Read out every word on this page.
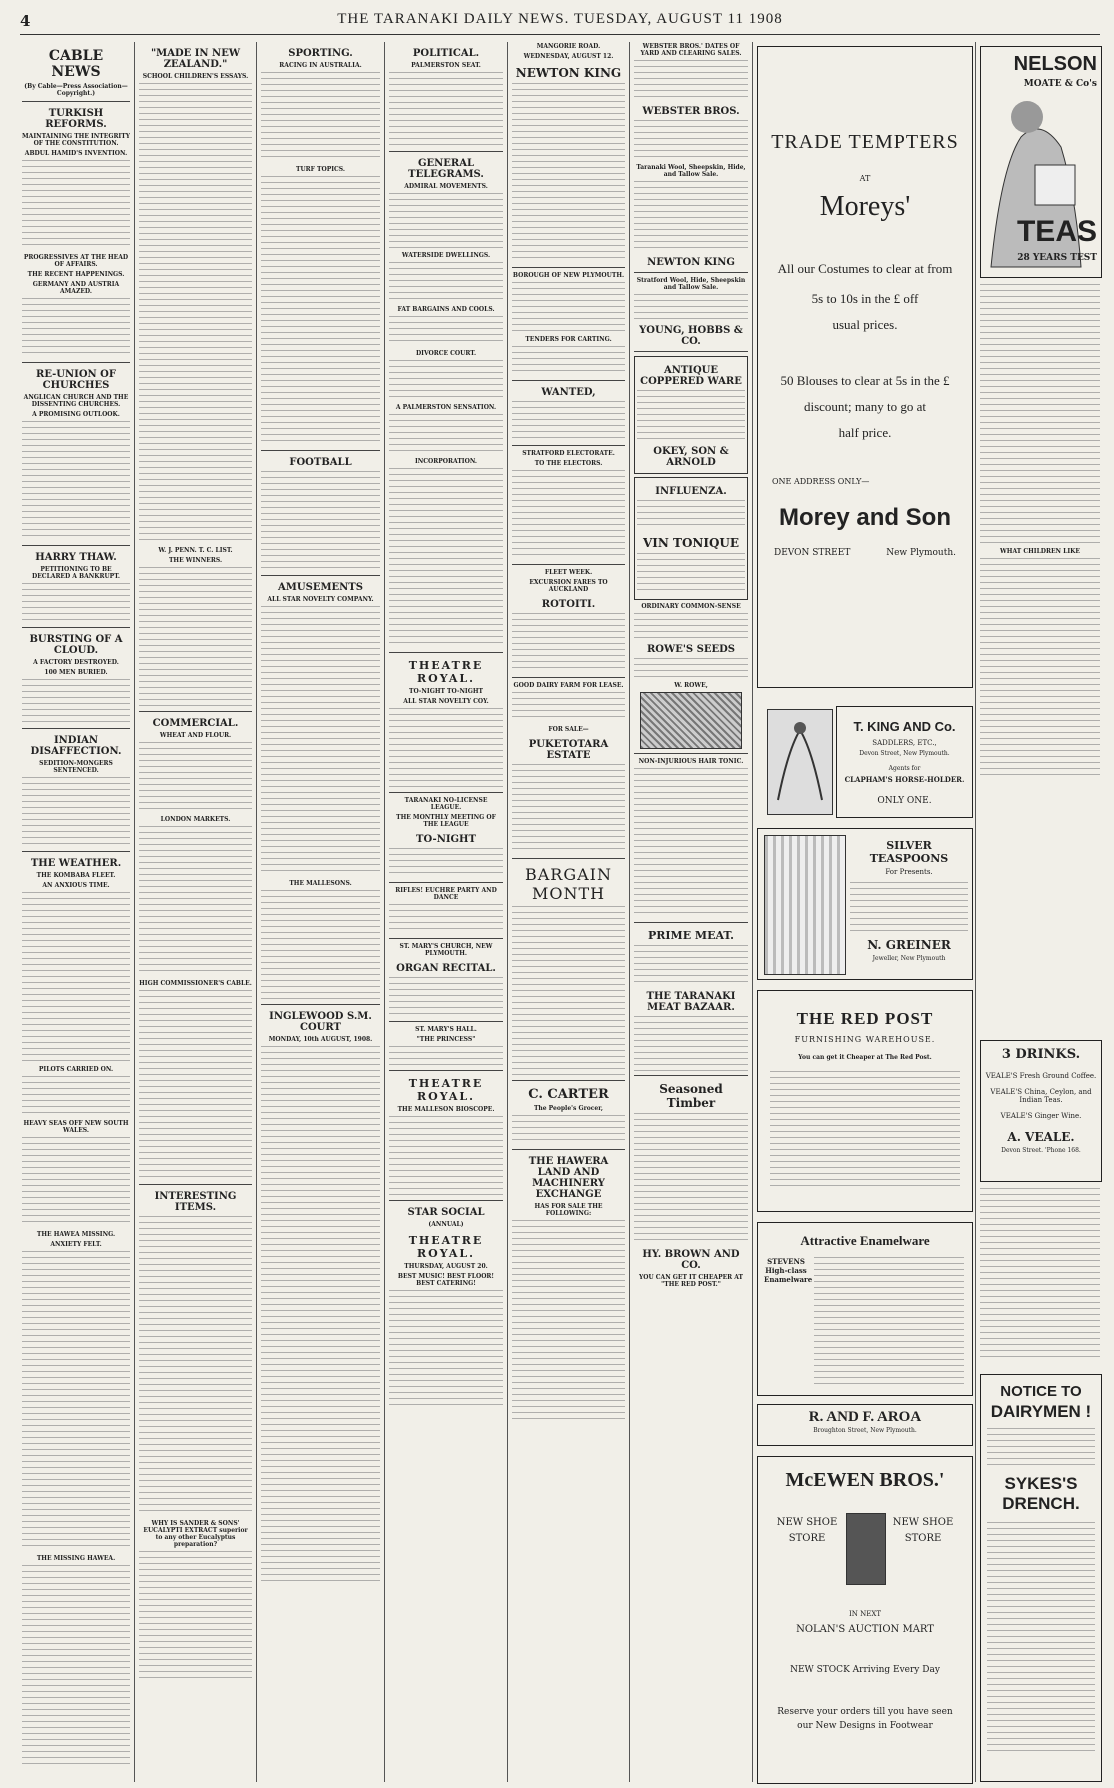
4	THE TARANAKI DAILY NEWS. TUESDAY, AUGUST 11 1908
CABLE NEWS
(By Cable—Press Association—Copyright.)
TURKISH REFORMS.
MAINTAINING THE INTEGRITY OF THE CONSTITUTION.
ABDUL HAMID'S INVENTION.
PROGRESSIVES AT THE HEAD OF AFFAIRS.
THE RECENT HAPPENINGS.
GERMANY AND AUSTRIA AMAZED.
RE-UNION OF CHURCHES
ANGLICAN CHURCH AND THE DISSENTING CHURCHES.
A PROMISING OUTLOOK.
HARRY THAW.
PETITIONING TO BE DECLARED A BANKRUPT.
BURSTING OF A CLOUD.
A FACTORY DESTROYED.
100 MEN BURIED.
INDIAN DISAFFECTION.
SEDITION-MONGERS SENTENCED.
THE WEATHER.
THE KOMBABA FLEET.
AN ANXIOUS TIME.
PILOTS CARRIED ON.
HEAVY SEAS OFF NEW SOUTH WALES.
THE HAWEA MISSING.
ANXIETY FELT.
THE MISSING HAWEA.
"MADE IN NEW ZEALAND."
SCHOOL CHILDREN'S ESSAYS.
W. J. PENN. T. C. LIST.
THE WINNERS.
COMMERCIAL.
WHEAT AND FLOUR.
LONDON MARKETS.
HIGH COMMISSIONER'S CABLE.
INTERESTING ITEMS.
WHY IS SANDER & SONS' EUCALYPTI EXTRACT superior to any other Eucalyptus preparation?
SPORTING.
RACING IN AUSTRALIA.
TURF TOPICS.
FOOTBALL
AMUSEMENTS
ALL STAR NOVELTY COMPANY.
THE MALLESONS.
INGLEWOOD S.M. COURT
MONDAY, 10th AUGUST, 1908.
POLITICAL.
PALMERSTON SEAT.
GENERAL TELEGRAMS.
ADMIRAL MOVEMENTS.
WATERSIDE DWELLINGS.
FAT BARGAINS AND COOLS.
DIVORCE COURT.
A PALMERSTON SENSATION.
INCORPORATION.
THEATRE ROYAL.
TO-NIGHT TO-NIGHT
ALL STAR NOVELTY COY.
TARANAKI NO-LICENSE LEAGUE.
THE MONTHLY MEETING OF THE LEAGUE
TO-NIGHT
RIFLES! EUCHRE PARTY AND DANCE
ST. MARY'S CHURCH, NEW PLYMOUTH.
ORGAN RECITAL.
ST. MARY'S HALL.
"THE PRINCESS"
THEATRE ROYAL.
THE MALLESON BIOSCOPE.
STAR SOCIAL
(ANNUAL)
THEATRE ROYAL.
THURSDAY, AUGUST 20.
BEST MUSIC! BEST FLOOR! BEST CATERING!
MANGORIE ROAD.
WEDNESDAY, AUGUST 12.
NEWTON KING
BOROUGH OF NEW PLYMOUTH.
TENDERS FOR CARTING.
WANTED,
STRATFORD ELECTORATE.
TO THE ELECTORS.
FLEET WEEK.
EXCURSION FARES TO AUCKLAND
ROTOITI.
GOOD DAIRY FARM FOR LEASE.
FOR SALE—
PUKETOTARA ESTATE
BARGAIN MONTH
C. CARTER
The People's Grocer,
THE HAWERA LAND AND MACHINERY EXCHANGE
HAS FOR SALE THE FOLLOWING:
WEBSTER BROS.' DATES OF YARD AND CLEARING SALES.
WEBSTER BROS.
Taranaki Wool, Sheepskin, Hide, and Tallow Sale.
NEWTON KING
Stratford Wool, Hide, Sheepskin and Tallow Sale.
YOUNG, HOBBS & CO.
ANTIQUE COPPERED WARE
OKEY, SON & ARNOLD
INFLUENZA.
VIN TONIQUE
ORDINARY COMMON-SENSE
ROWE'S SEEDS
W. ROWE,
NON-INJURIOUS HAIR TONIC.
PRIME MEAT.
THE TARANAKI MEAT BAZAAR.
Seasoned Timber
HY. BROWN AND CO.
YOU CAN GET IT CHEAPER AT "THE RED POST."
TRADE TEMPTERS
AT
Moreys'
All our Costumes to clear at from
5s to 10s in the £ off
usual prices.
50 Blouses to clear at 5s in the £
discount; many to go at
half price.
ONE ADDRESS ONLY—
Morey and Son
DEVON STREET	New Plymouth.
T. KING AND Co.
SADDLERS, ETC.,
Devon Street, New Plymouth.
Agents for
CLAPHAM'S HORSE-HOLDER.
ONLY ONE.
SILVER TEASPOONS
For Presents.
N. GREINER
Jeweller, New Plymouth
THE RED POST
FURNISHING WAREHOUSE.
You can get it Cheaper at The Red Post.
Attractive Enamelware
STEVENS High-class Enamelware
R. AND F. AROA
Broughton Street, New Plymouth.
McEWEN BROS.'
NEW SHOE STORE
NEW SHOE STORE
IN NEXT
NOLAN'S AUCTION MART
NEW STOCK Arriving Every Day
Reserve your orders till you have seen our New Designs in Footwear
NELSON
MOATE & Co's
TEAS
28 YEARS TEST
WHAT CHILDREN LIKE
3 DRINKS.
VEALE'S Fresh Ground Coffee.
VEALE'S China, Ceylon, and Indian Teas.
VEALE'S Ginger Wine.
A. VEALE.
Devon Street. 'Phone 168.
NOTICE TO
DAIRYMEN !
SYKES'S
DRENCH.
